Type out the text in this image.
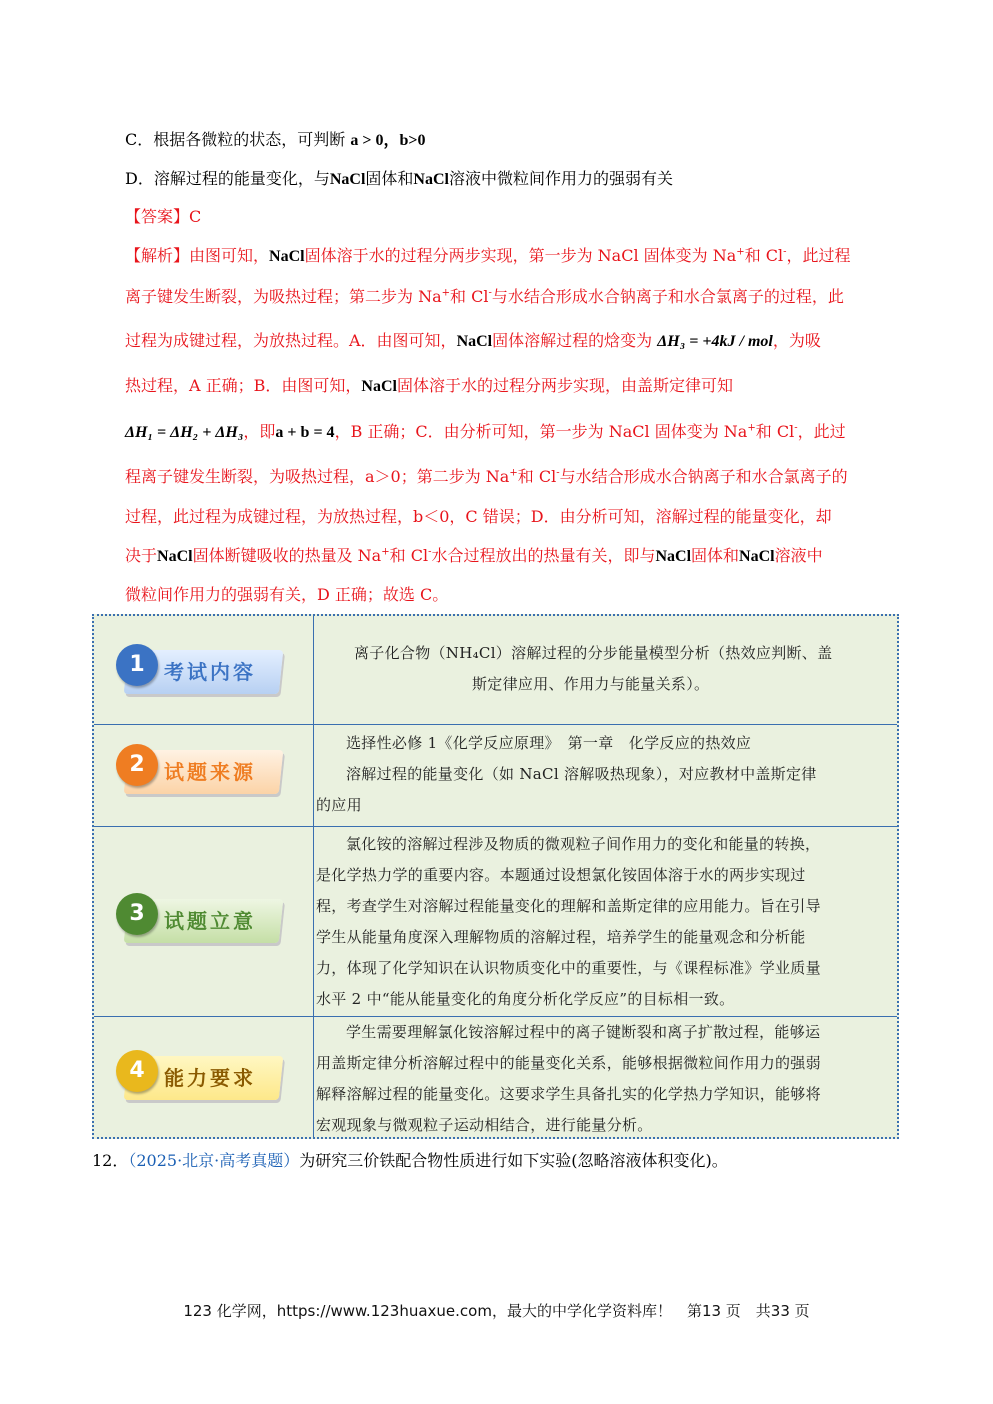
C．根据各微粒的状态，可判断 a > 0，b>0
D．溶解过程的能量变化，与NaCl固体和NaCl溶液中微粒间作用力的强弱有关
【答案】C
【解析】由图可知，NaCl固体溶于水的过程分两步实现，第一步为 NaCl 固体变为 Na+和 Cl-，此过程
离子键发生断裂，为吸热过程；第二步为 Na+和 Cl-与水结合形成水合钠离子和水合氯离子的过程，此
过程为成键过程，为放热过程。A．由图可知，NaCl固体溶解过程的焓变为 ΔH₃ = +4kJ / mol，为吸
热过程，A 正确；B．由图可知，NaCl固体溶于水的过程分两步实现，由盖斯定律可知
ΔH₁ = ΔH₂ + ΔH₃，即a + b = 4，B 正确；C．由分析可知，第一步为 NaCl 固体变为 Na+和 Cl-，此过
程离子键发生断裂，为吸热过程，a＞0；第二步为 Na+和 Cl-与水结合形成水合钠离子和水合氯离子的
过程，此过程为成键过程，为放热过程，b＜0，C 错误；D．由分析可知，溶解过程的能量变化，却
决于NaCl固体断键吸收的热量及 Na+和 Cl-水合过程放出的热量有关，即与NaCl固体和NaCl溶液中
微粒间作用力的强弱有关，D 正确；故选 C。
1 考试内容
离子化合物（NH₄Cl）溶解过程的分步能量模型分析（热效应判断、盖
斯定律应用、作用力与能量关系）。
2 试题来源
选择性必修 1《化学反应原理》　第一章　化学反应的热效应
溶解过程的能量变化（如 NaCl 溶解吸热现象），对应教材中盖斯定律
的应用
3 试题立意
氯化铵的溶解过程涉及物质的微观粒子间作用力的变化和能量的转换，
是化学热力学的重要内容。本题通过设想氯化铵固体溶于水的两步实现过
程，考查学生对溶解过程能量变化的理解和盖斯定律的应用能力。旨在引导
学生从能量角度深入理解物质的溶解过程，培养学生的能量观念和分析能
力，体现了化学知识在认识物质变化中的重要性，与《课程标准》学业质量
水平 2 中“能从能量变化的角度分析化学反应”的目标相一致。
4 能力要求
学生需要理解氯化铵溶解过程中的离子键断裂和离子扩散过程，能够运
用盖斯定律分析溶解过程中的能量变化关系，能够根据微粒间作用力的强弱
解释溶解过程的能量变化。这要求学生具备扎实的化学热力学知识，能够将
宏观现象与微观粒子运动相结合，进行能量分析。
12．（2025·北京·高考真题）为研究三价铁配合物性质进行如下实验(忽略溶液体积变化)。
123 化学网，https://www.123huaxue.com，最大的中学化学资料库！　第13 页　共33 页
